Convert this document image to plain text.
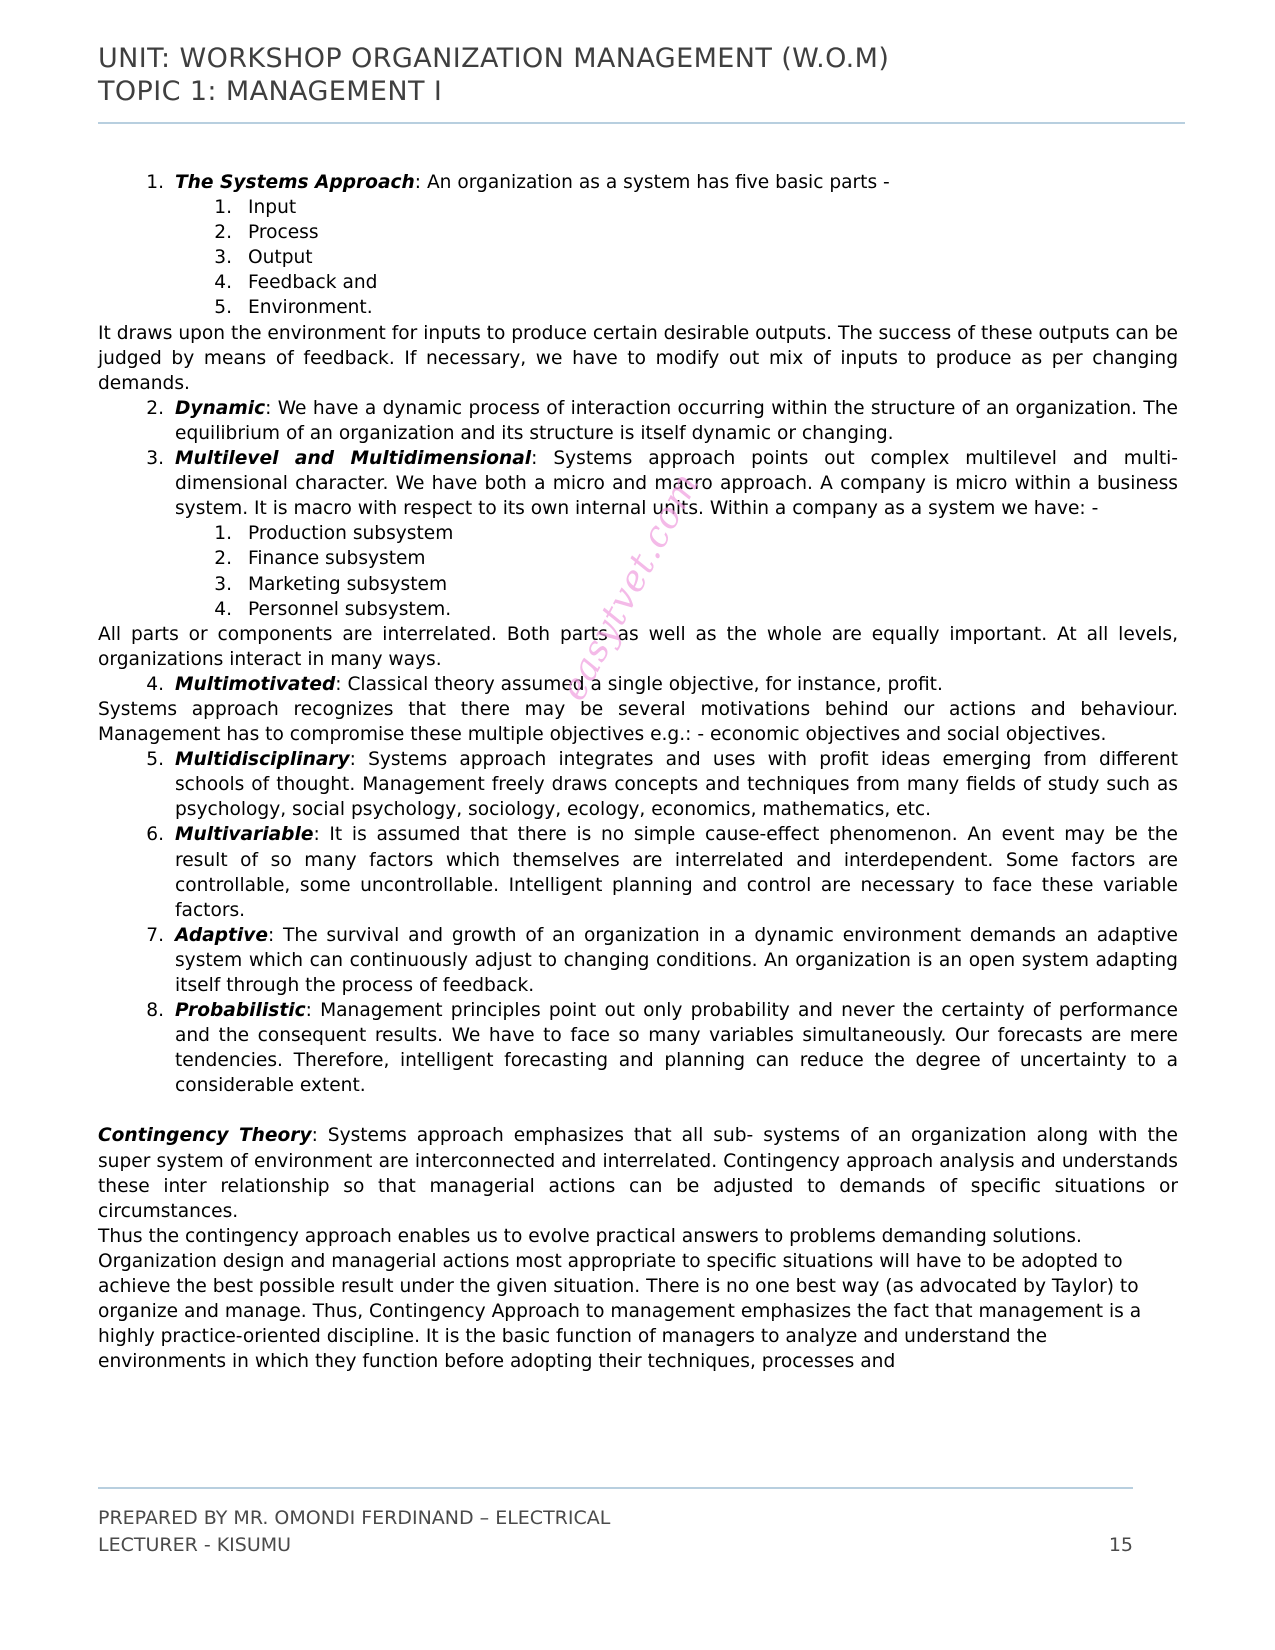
UNIT: WORKSHOP ORGANIZATION MANAGEMENT (W.O.M)
TOPIC 1: MANAGEMENT I
1. The Systems Approach: An organization as a system has five basic parts -
1. Input
2. Process
3. Output
4. Feedback and
5. Environment.

It draws upon the environment for inputs to produce certain desirable outputs. The success of these outputs can be judged by means of feedback. If necessary, we have to modify out mix of inputs to produce as per changing demands.

2. Dynamic: We have a dynamic process of interaction occurring within the structure of an organization. The equilibrium of an organization and its structure is itself dynamic or changing.
3. Multilevel and Multidimensional: Systems approach points out complex multilevel and multi-dimensional character. We have both a micro and macro approach. A company is micro within a business system. It is macro with respect to its own internal units. Within a company as a system we have: -
1. Production subsystem
2. Finance subsystem
3. Marketing subsystem
4. Personnel subsystem.

All parts or components are interrelated. Both parts as well as the whole are equally important. At all levels, organizations interact in many ways.

4. Multimotivated: Classical theory assumed a single objective, for instance, profit.

Systems approach recognizes that there may be several motivations behind our actions and behaviour. Management has to compromise these multiple objectives e.g.: - economic objectives and social objectives.

5. Multidisciplinary: Systems approach integrates and uses with profit ideas emerging from different schools of thought. Management freely draws concepts and techniques from many fields of study such as psychology, social psychology, sociology, ecology, economics, mathematics, etc.
6. Multivariable: It is assumed that there is no simple cause-effect phenomenon. An event may be the result of so many factors which themselves are interrelated and interdependent. Some factors are controllable, some uncontrollable. Intelligent planning and control are necessary to face these variable factors.
7. Adaptive: The survival and growth of an organization in a dynamic environment demands an adaptive system which can continuously adjust to changing conditions. An organization is an open system adapting itself through the process of feedback.
8. Probabilistic: Management principles point out only probability and never the certainty of performance and the consequent results. We have to face so many variables simultaneously. Our forecasts are mere tendencies. Therefore, intelligent forecasting and planning can reduce the degree of uncertainty to a considerable extent.

Contingency Theory: Systems approach emphasizes that all sub- systems of an organization along with the super system of environment are interconnected and interrelated. Contingency approach analysis and understands these inter relationship so that managerial actions can be adjusted to demands of specific situations or circumstances.

Thus the contingency approach enables us to evolve practical answers to problems demanding solutions. Organization design and managerial actions most appropriate to specific situations will have to be adopted to achieve the best possible result under the given situation. There is no one best way (as advocated by Taylor) to organize and manage. Thus, Contingency Approach to management emphasizes the fact that management is a highly practice-oriented discipline. It is the basic function of managers to analyze and understand the environments in which they function before adopting their techniques, processes and

easytvet.com
PREPARED BY MR. OMONDI FERDINAND – ELECTRICAL
LECTURER - KISUMU	15
